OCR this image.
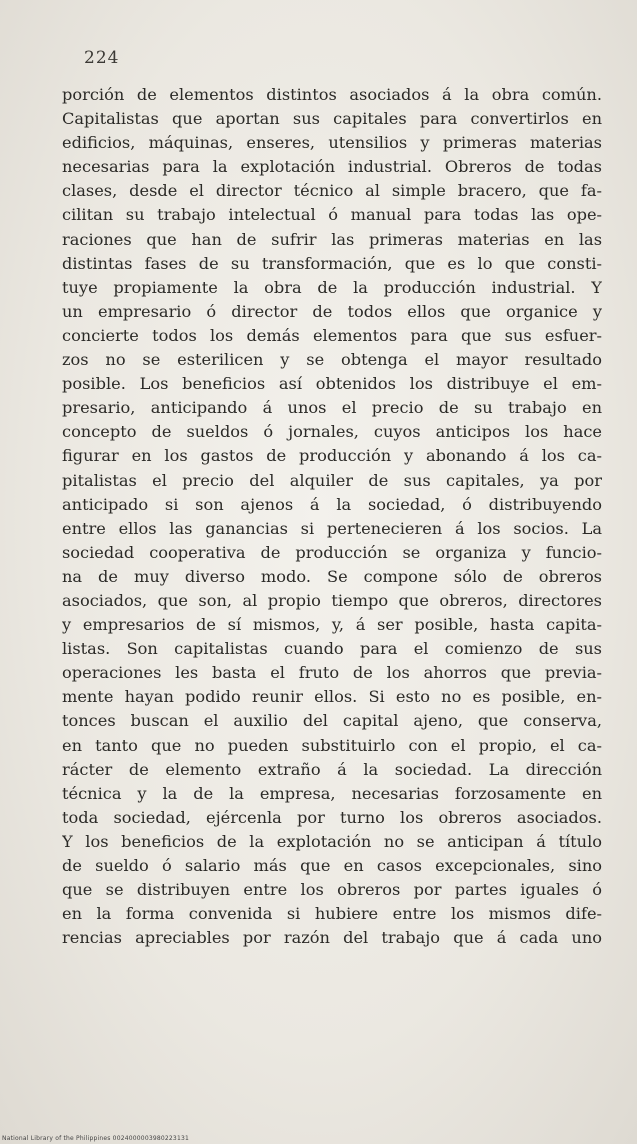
224
porción de elementos distintos asociados á la obra común.
Capitalistas que aportan sus capitales para convertirlos en
edificios, máquinas, enseres, utensilios y primeras materias
necesarias para la explotación industrial. Obreros de todas
clases, desde el director técnico al simple bracero, que fa-
cilitan su trabajo intelectual ó manual para todas las ope-
raciones que han de sufrir las primeras materias en las
distintas fases de su transformación, que es lo que consti-
tuye propiamente la obra de la producción industrial. Y
un empresario ó director de todos ellos que organice y
concierte todos los demás elementos para que sus esfuer-
zos no se esterilicen y se obtenga el mayor resultado
posible. Los beneficios así obtenidos los distribuye el em-
presario, anticipando á unos el precio de su trabajo en
concepto de sueldos ó jornales, cuyos anticipos los hace
figurar en los gastos de producción y abonando á los ca-
pitalistas el precio del alquiler de sus capitales, ya por
anticipado si son ajenos á la sociedad, ó distribuyendo
entre ellos las ganancias si pertenecieren á los socios. La
sociedad cooperativa de producción se organiza y funcio-
na de muy diverso modo. Se compone sólo de obreros
asociados, que son, al propio tiempo que obreros, directores
y empresarios de sí mismos, y, á ser posible, hasta capita-
listas. Son capitalistas cuando para el comienzo de sus
operaciones les basta el fruto de los ahorros que previa-
mente hayan podido reunir ellos. Si esto no es posible, en-
tonces buscan el auxilio del capital ajeno, que conserva,
en tanto que no pueden substituirlo con el propio, el ca-
rácter de elemento extraño á la sociedad. La dirección
técnica y la de la empresa, necesarias forzosamente en
toda sociedad, ejércenla por turno los obreros asociados.
Y los beneficios de la explotación no se anticipan á título
de sueldo ó salario más que en casos excepcionales, sino
que se distribuyen entre los obreros por partes iguales ó
en la forma convenida si hubiere entre los mismos dife-
rencias apreciables por razón del trabajo que á cada uno
National Library of the Philippines 0024000003980223131
